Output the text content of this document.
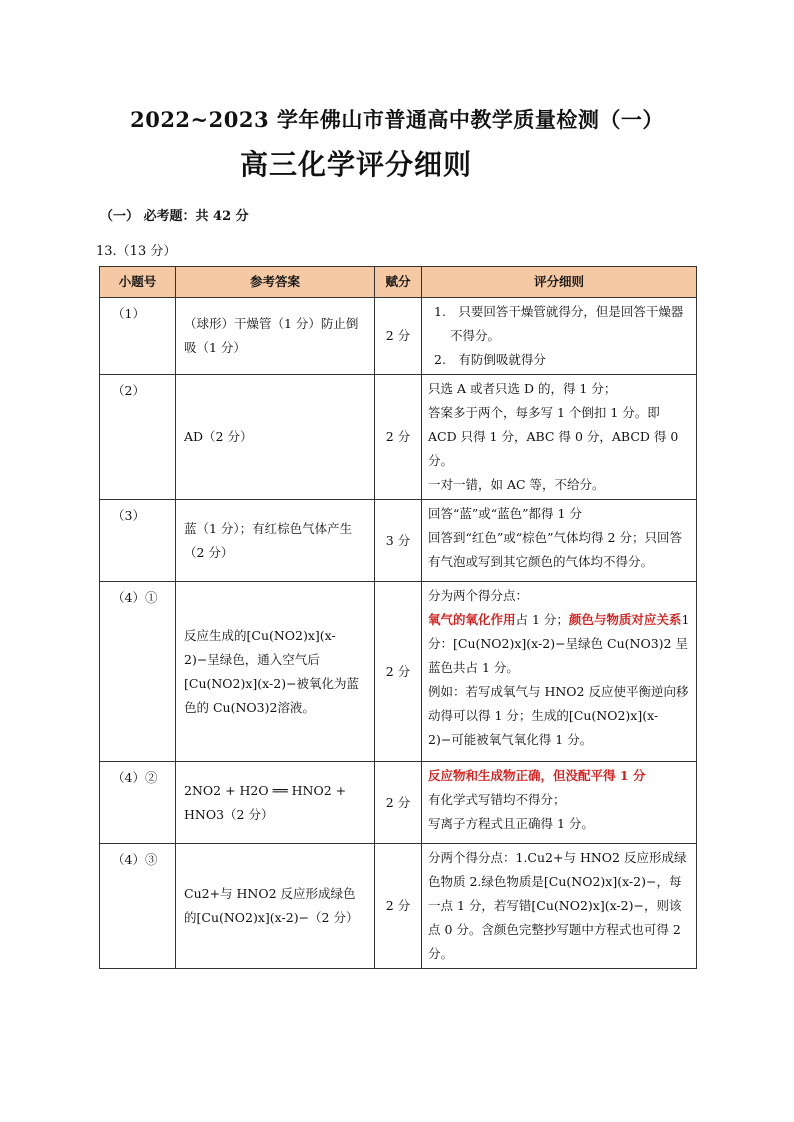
2022~2023 学年佛山市普通高中教学质量检测（一）
高三化学评分细则
（一） 必考题：共 42 分
13.（13 分）
小题号	参考答案	赋分	评分细则
（1）	（球形）干燥管（1 分）防止倒吸（1 分）	2 分	1.　只要回答干燥管就得分，但是回答干燥器不得分。
2.　有防倒吸就得分

（2）	AD（2 分）	2 分	只选 A 或者只选 D 的，得 1 分；
答案多于两个，每多写 1 个倒扣 1 分。即 ACD 只得 1 分，ABC 得 0 分，ABCD 得 0 分。
一对一错，如 AC 等，不给分。

（3）	蓝（1 分）；有红棕色气体产生（2 分）	3 分	回答“蓝”或“蓝色”都得 1 分
回答到“红色”或“棕色”气体均得 2 分；只回答有气泡或写到其它颜色的气体均不得分。

（4）①	反应生成的[Cu(NO2)x](x-2)−呈绿色，通入空气后[Cu(NO2)x](x-2)−被氧化为蓝色的 Cu(NO3)2溶液。	2 分	分为两个得分点：
氧气的氧化作用占 1 分；颜色与物质对应关系1 分：[Cu(NO2)x](x-2)−呈绿色 Cu(NO3)2 呈蓝色共占 1 分。
例如：若写成氧气与 HNO2 反应使平衡逆向移动得可以得 1 分；生成的[Cu(NO2)x](x-2)−可能被氧气氧化得 1 分。

（4）②	2NO2 + H2O ══ HNO2 + HNO3（2 分）	2 分	反应物和生成物正确，但没配平得 1 分
有化学式写错均不得分；
写离子方程式且正确得 1 分。

（4）③	Cu2+与 HNO2 反应形成绿色的[Cu(NO2)x](x-2)−（2 分）	2 分	分两个得分点：1.Cu2+与 HNO2 反应形成绿色物质 2.绿色物质是[Cu(NO2)x](x-2)−，每一点 1 分，若写错[Cu(NO2)x](x-2)−，则该点 0 分。含颜色完整抄写题中方程式也可得 2 分。
